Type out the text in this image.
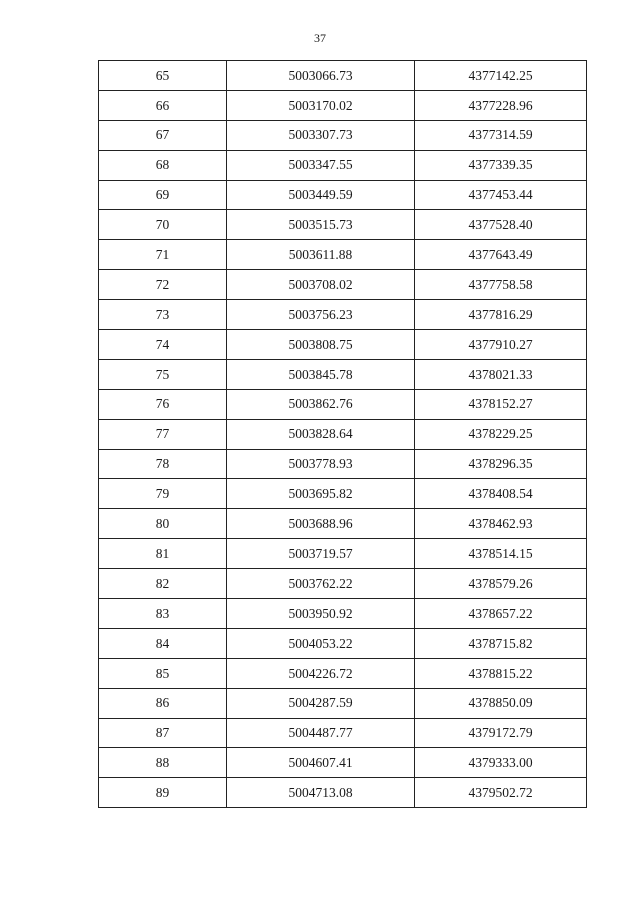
37
65	5003066.73	4377142.25
66	5003170.02	4377228.96
67	5003307.73	4377314.59
68	5003347.55	4377339.35
69	5003449.59	4377453.44
70	5003515.73	4377528.40
71	5003611.88	4377643.49
72	5003708.02	4377758.58
73	5003756.23	4377816.29
74	5003808.75	4377910.27
75	5003845.78	4378021.33
76	5003862.76	4378152.27
77	5003828.64	4378229.25
78	5003778.93	4378296.35
79	5003695.82	4378408.54
80	5003688.96	4378462.93
81	5003719.57	4378514.15
82	5003762.22	4378579.26
83	5003950.92	4378657.22
84	5004053.22	4378715.82
85	5004226.72	4378815.22
86	5004287.59	4378850.09
87	5004487.77	4379172.79
88	5004607.41	4379333.00
89	5004713.08	4379502.72
